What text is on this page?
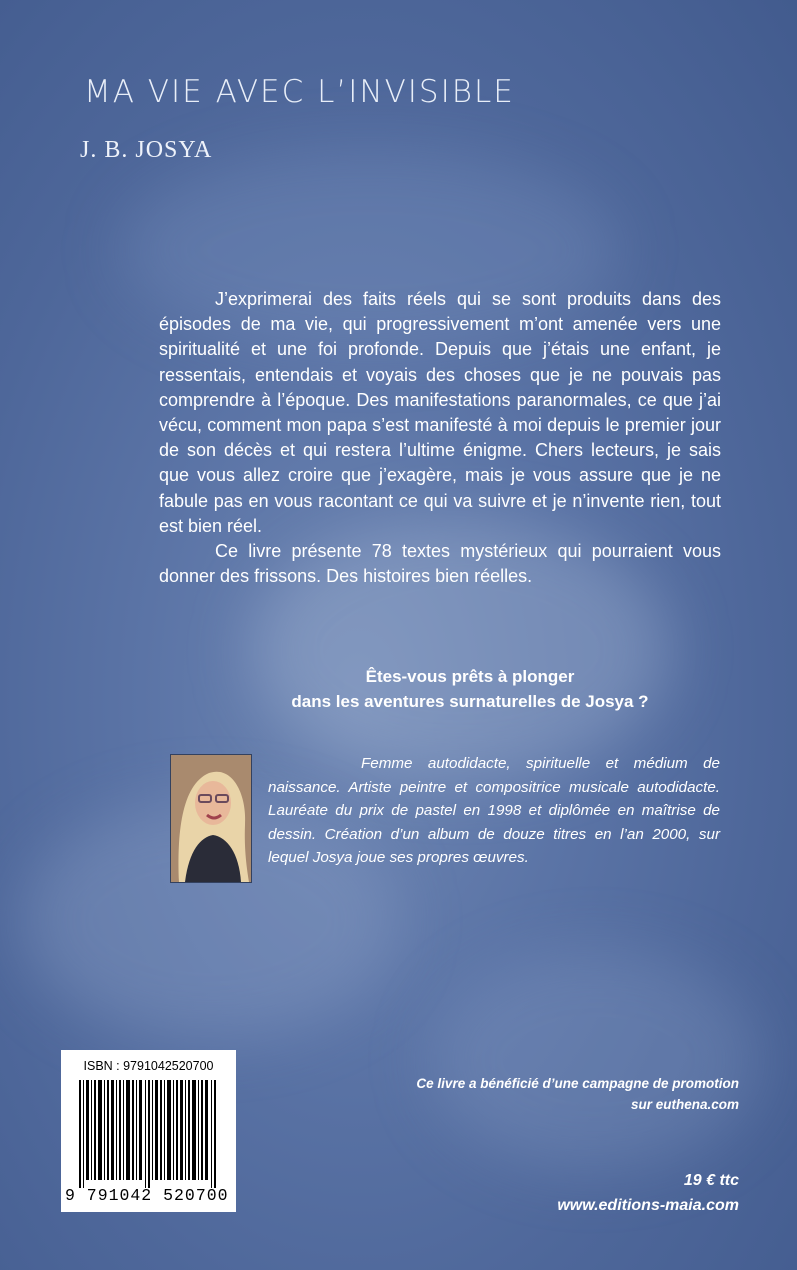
MA VIE AVEC L’INVISIBLE
J. B. JOSYA

J’exprimerai des faits réels qui se sont produits dans des épisodes de ma vie, qui progressivement m’ont amenée vers une spiritualité et une foi profonde. Depuis que j’étais une enfant, je ressentais, entendais et voyais des choses que je ne pouvais pas comprendre à l’époque. Des manifestations paranormales, ce que j’ai vécu, comment mon papa s’est manifesté à moi depuis le premier jour de son décès et qui restera l’ultime énigme. Chers lecteurs, je sais que vous allez croire que j’exagère, mais je vous assure que je ne fabule pas en vous racontant ce qui va suivre et je n’invente rien, tout est bien réel.

Ce livre présente 78 textes mystérieux qui pourraient vous donner des frissons. Des histoires bien réelles.

Êtes-vous prêts à plonger
dans les aventures surnaturelles de Josya ?
Femme autodidacte, spirituelle et médium de naissance. Artiste peintre et compositrice musicale autodidacte. Lauréate du prix de pastel en 1998 et diplômée en maîtrise de dessin. Création d’un album de douze titres en l’an 2000, sur lequel Josya joue ses propres œuvres.
ISBN : 9791042520700
9 791042 520700
Ce livre a bénéficié d’une campagne de promotion
sur euthena.com
19 € ttc
www.editions-maia.com
